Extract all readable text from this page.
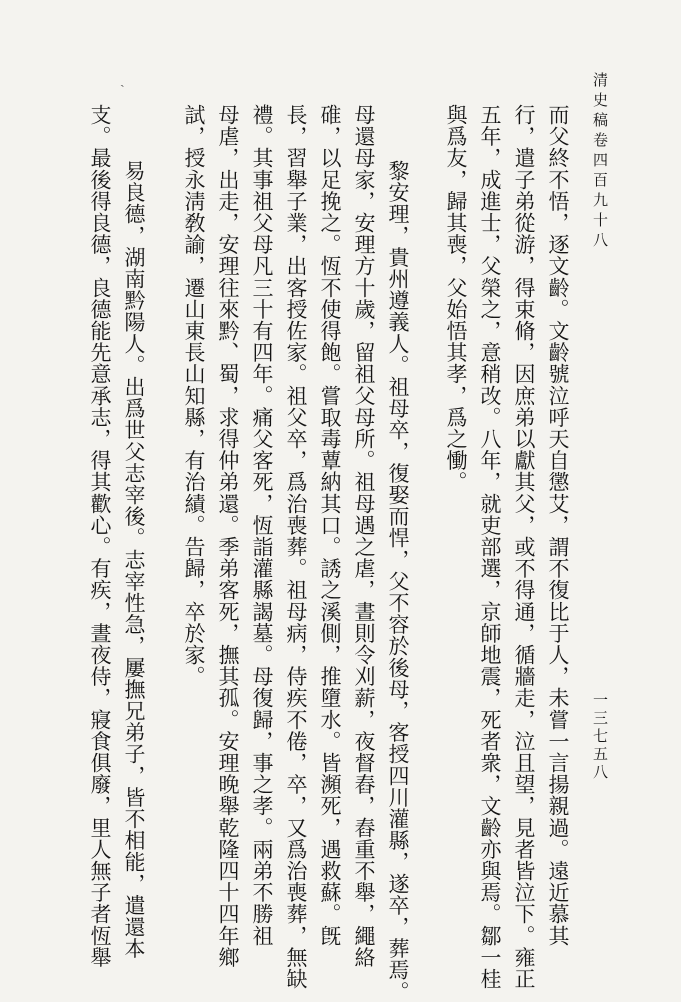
ˎ	清史稿卷四百九十八
一三七五八
而父終不悟，逐文齡。文齡號泣呼天自懲艾，謂不復比于人，未嘗一言揚親過。遠近慕其
行，遣子弟從游，得束脩，因庶弟以獻其父，或不得通，循牆走，泣且望，見者皆泣下。雍正
五年，成進士，父榮之，意稍改。八年，就吏部選，京師地震，死者衆，文齡亦與焉。鄒一桂
與爲友，歸其喪，父始悟其孝，爲之慟。
黎安理，貴州遵義人。祖母卒，復娶而悍，父不容於後母，客授四川灌縣，遂卒，葬焉。
母還母家，安理方十歲，留祖父母所。祖母遇之虐，晝則令刈薪，夜督舂，舂重不舉，繩絡
碓，以足挽之。恆不使得飽。嘗取毒蕈納其口。誘之溪側，推墮水。皆瀕死，遇救蘇。旣
長，習舉子業，出客授佐家。祖父卒，爲治喪葬。祖母病，侍疾不倦，卒，又爲治喪葬，無缺
禮。其事祖父母凡三十有四年。痛父客死，恆詣灌縣謁墓。母復歸，事之孝。兩弟不勝祖
母虐，出走，安理往來黔、蜀，求得仲弟還。季弟客死，撫其孤。安理晚舉乾隆四十四年鄉
試，授永淸敎諭，遷山東長山知縣，有治績。告歸，卒於家。
易良德，湖南黔陽人。出爲世父志宰後。志宰性急，屢撫兄弟子，皆不相能，遣還本
支。最後得良德，良德能先意承志，得其歡心。有疾，晝夜侍，寢食俱廢，里人無子者恆舉
